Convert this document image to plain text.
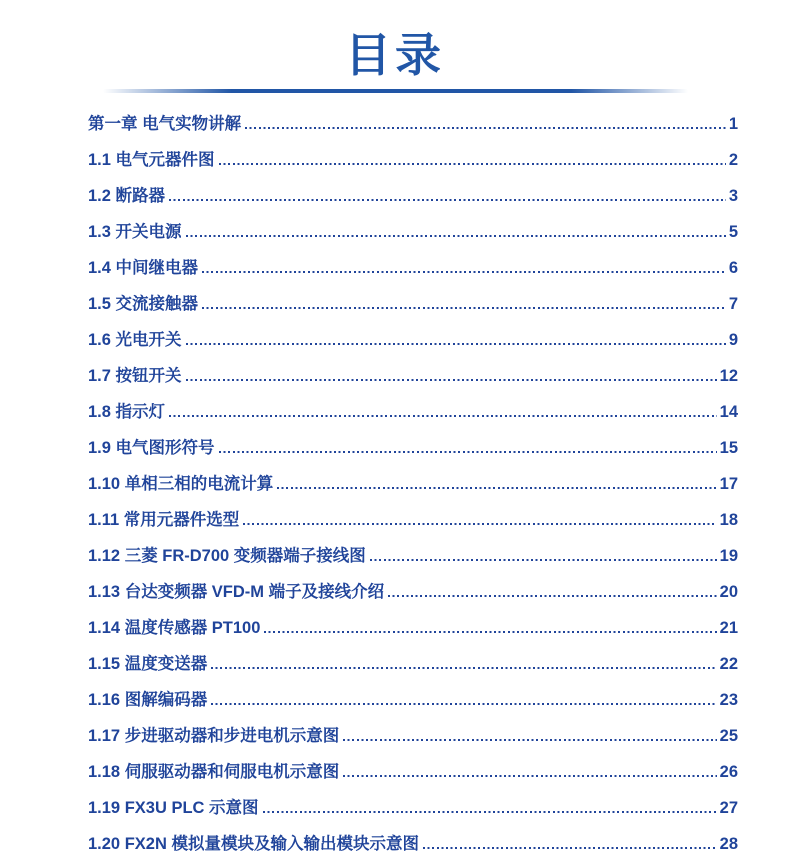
目录
第一章 电气实物讲解	1
1.1 电气元器件图	2
1.2 断路器	3
1.3 开关电源	5
1.4 中间继电器	6
1.5 交流接触器	7
1.6 光电开关	9
1.7 按钮开关	12
1.8 指示灯	14
1.9 电气图形符号	15
1.10 单相三相的电流计算	17
1.11 常用元器件选型	18
1.12 三菱 FR-D700 变频器端子接线图	19
1.13 台达变频器 VFD-M 端子及接线介绍	20
1.14 温度传感器 PT100	21
1.15 温度变送器	22
1.16 图解编码器	23
1.17 步进驱动器和步进电机示意图	25
1.18 伺服驱动器和伺服电机示意图	26
1.19 FX3U PLC 示意图	27
1.20 FX2N 模拟量模块及输入输出模块示意图	28
